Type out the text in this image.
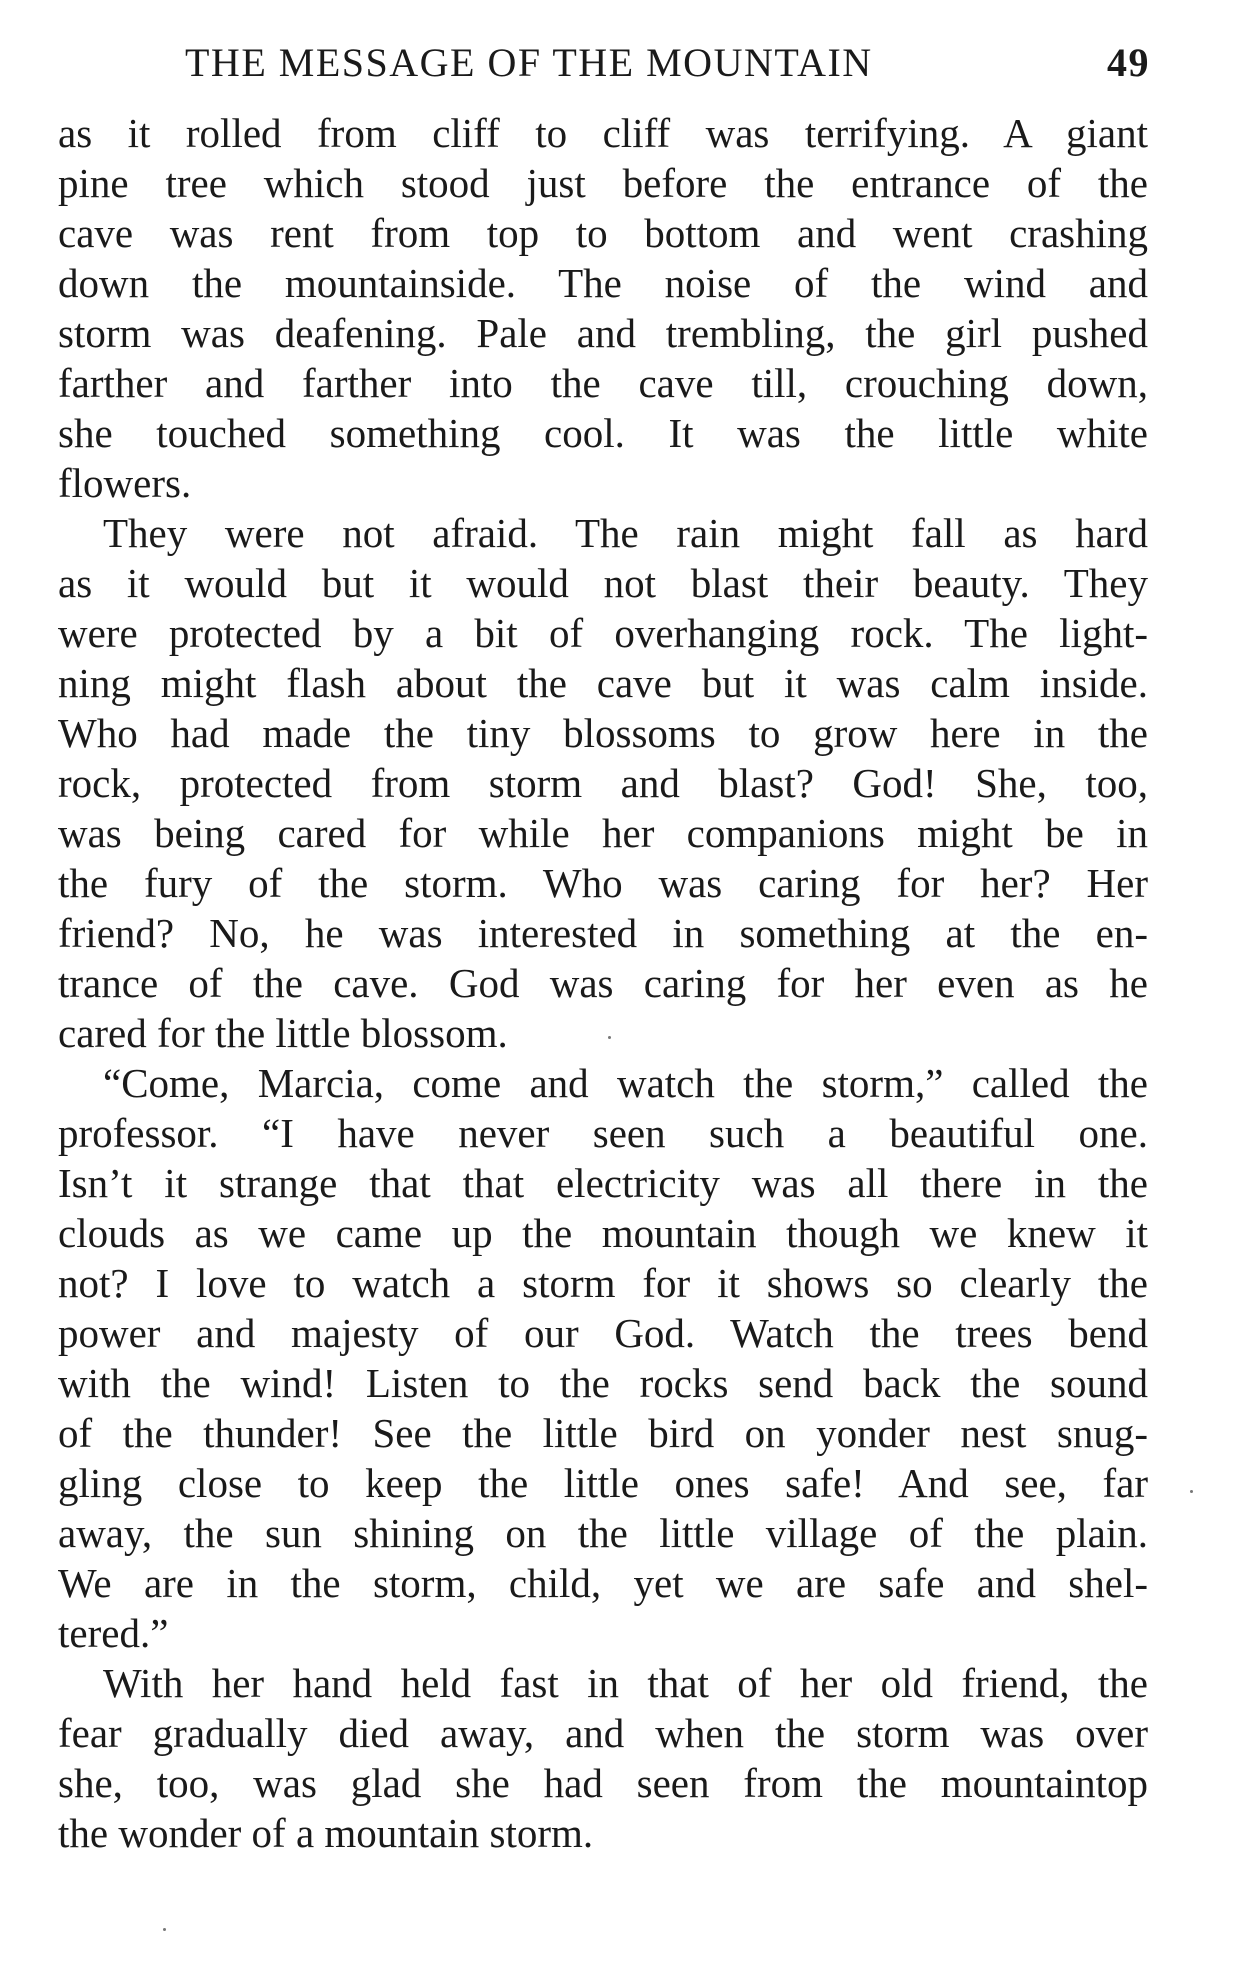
THE MESSAGE OF THE MOUNTAIN	49
as it rolled from cliff to cliff was terrifying. A giant
pine tree which stood just before the entrance of the
cave was rent from top to bottom and went crashing
down the mountainside. The noise of the wind and
storm was deafening. Pale and trembling, the girl pushed
farther and farther into the cave till, crouching down,
she touched something cool. It was the little white
flowers.
They were not afraid. The rain might fall as hard
as it would but it would not blast their beauty. They
were protected by a bit of overhanging rock. The light-
ning might flash about the cave but it was calm inside.
Who had made the tiny blossoms to grow here in the
rock, protected from storm and blast? God! She, too,
was being cared for while her companions might be in
the fury of the storm. Who was caring for her? Her
friend? No, he was interested in something at the en-
trance of the cave. God was caring for her even as he
cared for the little blossom.
“Come, Marcia, come and watch the storm,” called the
professor. “I have never seen such a beautiful one.
Isn’t it strange that that electricity was all there in the
clouds as we came up the mountain though we knew it
not? I love to watch a storm for it shows so clearly the
power and majesty of our God. Watch the trees bend
with the wind! Listen to the rocks send back the sound
of the thunder! See the little bird on yonder nest snug-
gling close to keep the little ones safe! And see, far
away, the sun shining on the little village of the plain.
We are in the storm, child, yet we are safe and shel-
tered.”
With her hand held fast in that of her old friend, the
fear gradually died away, and when the storm was over
she, too, was glad she had seen from the mountaintop
the wonder of a mountain storm.
